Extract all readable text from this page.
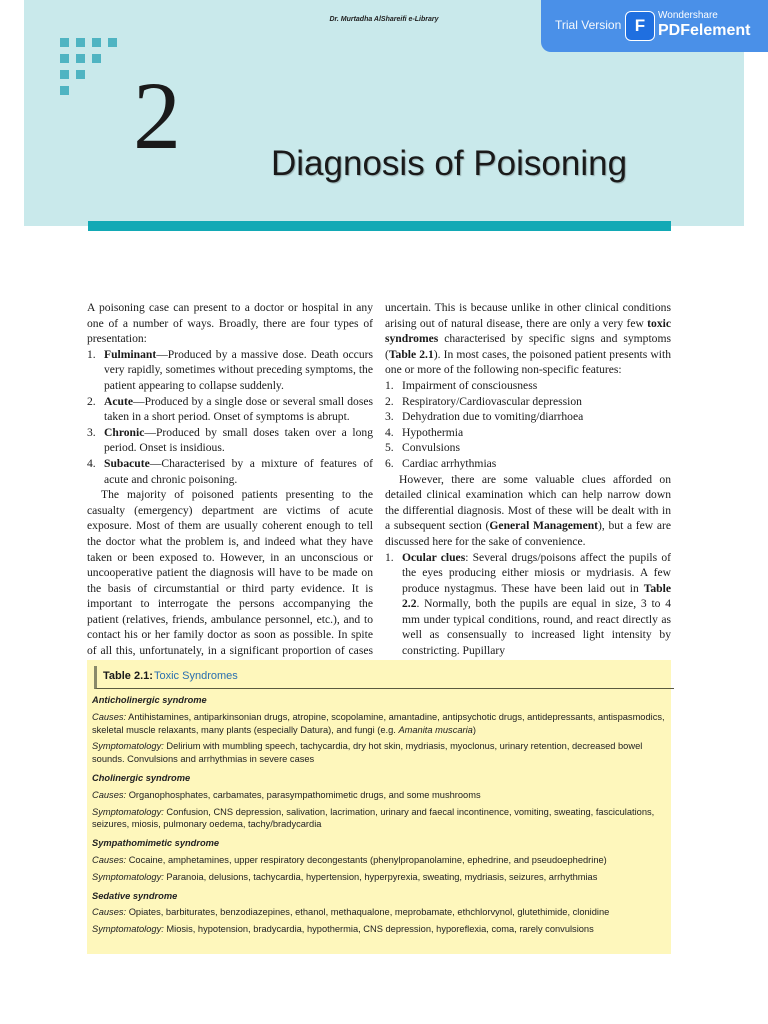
Dr. Murtadha AlShareifi e-Library
2	Diagnosis of Poisoning
Trial Version F
Wondershare
PDFelement

A poisoning case can present to a doctor or hospital in any one of a number of ways. Broadly, there are four types of presentation:

1. Fulminant—Produced by a massive dose. Death occurs very rapidly, sometimes without preceding symptoms, the patient appearing to collapse suddenly.
2. Acute—Produced by a single dose or several small doses taken in a short period. Onset of symptoms is abrupt.
3. Chronic—Produced by small doses taken over a long period. Onset is insidious.
4. Subacute—Characterised by a mixture of features of acute and chronic poisoning.

The majority of poisoned patients presenting to the casualty (emergency) department are victims of acute exposure. Most of them are usually coherent enough to tell the doctor what the problem is, and indeed what they have taken or been exposed to. However, in an unconscious or uncooperative patient the diagnosis will have to be made on the basis of circumstantial or third party evidence. It is important to interrogate the persons accompanying the patient (relatives, friends, ambulance personnel, etc.), and to contact his or her family doctor as soon as possible. In spite of all this, unfortunately, in a significant proportion of cases

uncertain. This is because unlike in other clinical conditions arising out of natural disease, there are only a very few toxic syndromes characterised by specific signs and symptoms (Table 2.1). In most cases, the poisoned patient presents with one or more of the following non-specific features:

1. Impairment of consciousness
2. Respiratory/Cardiovascular depression
3. Dehydration due to vomiting/diarrhoea
4. Hypothermia
5. Convulsions
6. Cardiac arrhythmias

However, there are some valuable clues afforded on detailed clinical examination which can help narrow down the differential diagnosis. Most of these will be dealt with in a subsequent section (General Management), but a few are discussed here for the sake of convenience.

1. Ocular clues: Several drugs/poisons affect the pupils of the eyes producing either miosis or mydriasis. A few produce nystagmus. These have been laid out in Table 2.2. Normally, both the pupils are equal in size, 3 to 4 mm under typical conditions, round, and react directly as well as consensually to increased light intensity by constricting. Pupillary
Table 2.1: Toxic Syndromes
Anticholinergic syndrome
Causes: Antihistamines, antiparkinsonian drugs, atropine, scopolamine, amantadine, antipsychotic drugs, antidepressants, antispasmodics, skeletal muscle relaxants, many plants (especially Datura), and fungi (e.g. Amanita muscaria)
Symptomatology: Delirium with mumbling speech, tachycardia, dry hot skin, mydriasis, myoclonus, urinary retention, decreased bowel sounds. Convulsions and arrhythmias in severe cases
Cholinergic syndrome
Causes: Organophosphates, carbamates, parasympathomimetic drugs, and some mushrooms
Symptomatology: Confusion, CNS depression, salivation, lacrimation, urinary and faecal incontinence, vomiting, sweating, fasciculations, seizures, miosis, pulmonary oedema, tachy/bradycardia
Sympathomimetic syndrome
Causes: Cocaine, amphetamines, upper respiratory decongestants (phenylpropanolamine, ephedrine, and pseudoephedrine)
Symptomatology: Paranoia, delusions, tachycardia, hypertension, hyperpyrexia, sweating, mydriasis, seizures, arrhythmias
Sedative syndrome
Causes: Opiates, barbiturates, benzodiazepines, ethanol, methaqualone, meprobamate, ethchlorvynol, glutethimide, clonidine
Symptomatology: Miosis, hypotension, bradycardia, hypothermia, CNS depression, hyporeflexia, coma, rarely convulsions
